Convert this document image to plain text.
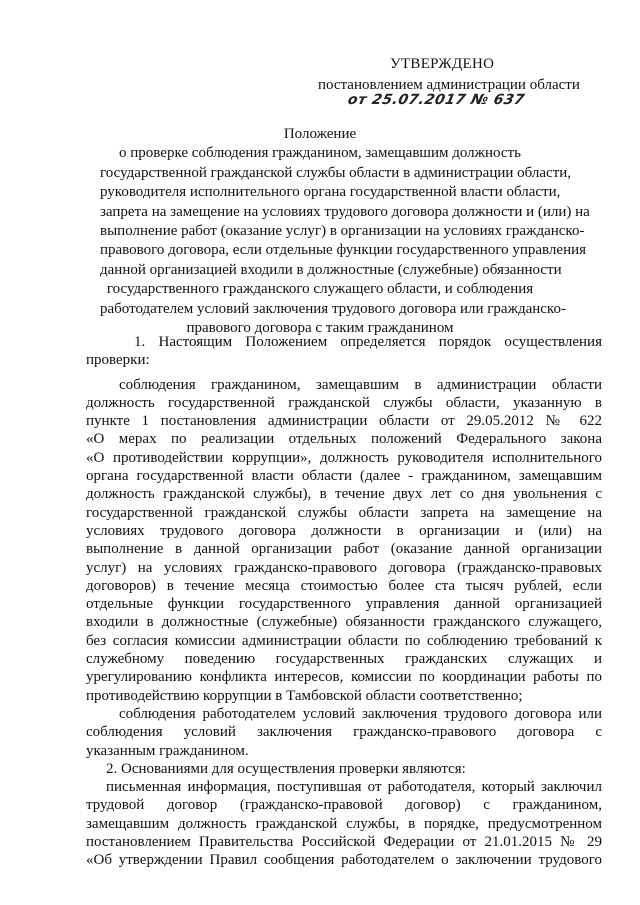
УТВЕРЖДЕНО
постановлением администрации области
от 25.07.2017 № 637
Положение
о проверке соблюдения гражданином, замещавшим должность
государственной гражданской службы области в администрации области,
руководителя исполнительного органа государственной власти области,
запрета на замещение на условиях трудового договора должности и (или) на
выполнение работ (оказание услуг) в организации на условиях гражданско-
правового договора, если отдельные функции государственного управления
данной организацией входили в должностные (служебные) обязанности
государственного гражданского служащего области, и соблюдения
работодателем условий заключения трудового договора или гражданско-
правового договора с таким гражданином
1. Настоящим Положением определяется порядок осуществления
проверки:
соблюдения гражданином, замещавшим в администрации области
должность государственной гражданской службы области, указанную в
пункте 1 постановления администрации области от 29.05.2012 № 622
«О мерах по реализации отдельных положений Федерального закона
«О противодействии коррупции», должность руководителя исполнительного
органа государственной власти области (далее - гражданином, замещавшим
должность гражданской службы), в течение двух лет со дня увольнения с
государственной гражданской службы области запрета на замещение на
условиях трудового договора должности в организации и (или) на
выполнение в данной организации работ (оказание данной организации
услуг) на условиях гражданско-правового договора (гражданско-правовых
договоров) в течение месяца стоимостью более ста тысяч рублей, если
отдельные функции государственного управления данной организацией
входили в должностные (служебные) обязанности гражданского служащего,
без согласия комиссии администрации области по соблюдению требований к
служебному поведению государственных гражданских служащих и
урегулированию конфликта интересов, комиссии по координации работы по
противодействию коррупции в Тамбовской области соответственно;
соблюдения работодателем условий заключения трудового договора или
соблюдения условий заключения гражданско-правового договора с
указанным гражданином.
2. Основаниями для осуществления проверки являются:
письменная информация, поступившая от работодателя, который заключил
трудовой договор (гражданско-правовой договор) с гражданином,
замещавшим должность гражданской службы, в порядке, предусмотренном
постановлением Правительства Российской Федерации от 21.01.2015 № 29
«Об утверждении Правил сообщения работодателем о заключении трудового
